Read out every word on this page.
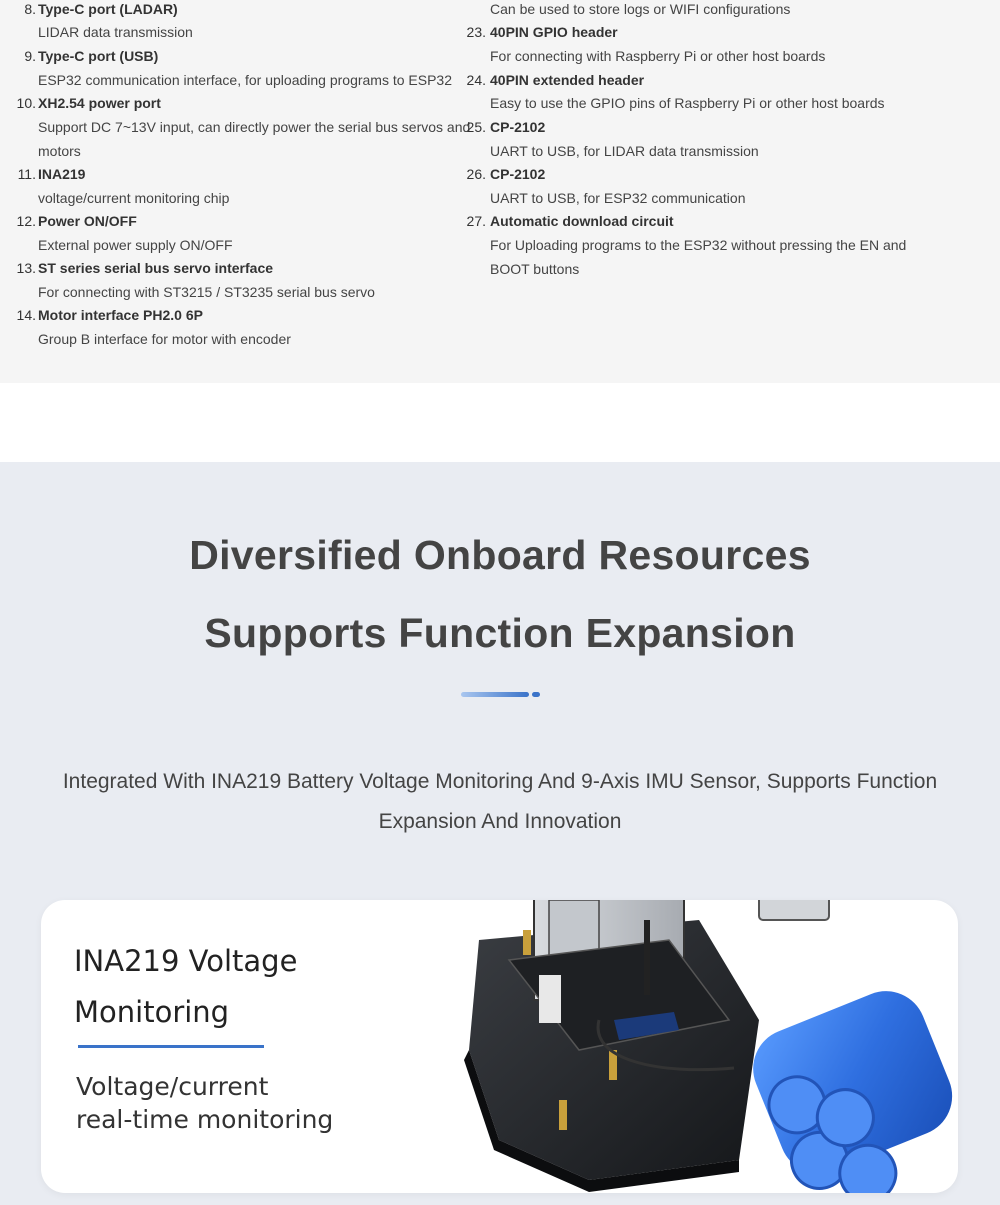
8. Type-C port (LADAR)
LIDAR data transmission
9. Type-C port (USB)
ESP32 communication interface, for uploading programs to ESP32
10. XH2.54 power port
Support DC 7~13V input, can directly power the serial bus servos and
motors
11. INA219
voltage/current monitoring chip
12. Power ON/OFF
External power supply ON/OFF
13. ST series serial bus servo interface
For connecting with ST3215 / ST3235 serial bus servo
14. Motor interface PH2.0 6P
Group B interface for motor with encoder
Can be used to store logs or WIFI configurations
23. 40PIN GPIO header
For connecting with Raspberry Pi or other host boards
24. 40PIN extended header
Easy to use the GPIO pins of Raspberry Pi or other host boards
25. CP-2102
UART to USB, for LIDAR data transmission
26. CP-2102
UART to USB, for ESP32 communication
27. Automatic download circuit
For Uploading programs to the ESP32 without pressing the EN and
BOOT buttons
Diversified Onboard Resources
Supports Function Expansion

Integrated With INA219 Battery Voltage Monitoring And 9-Axis IMU Sensor, Supports Function
Expansion And Innovation

INA219 Voltage
Monitoring
Voltage/current
real-time monitoring
